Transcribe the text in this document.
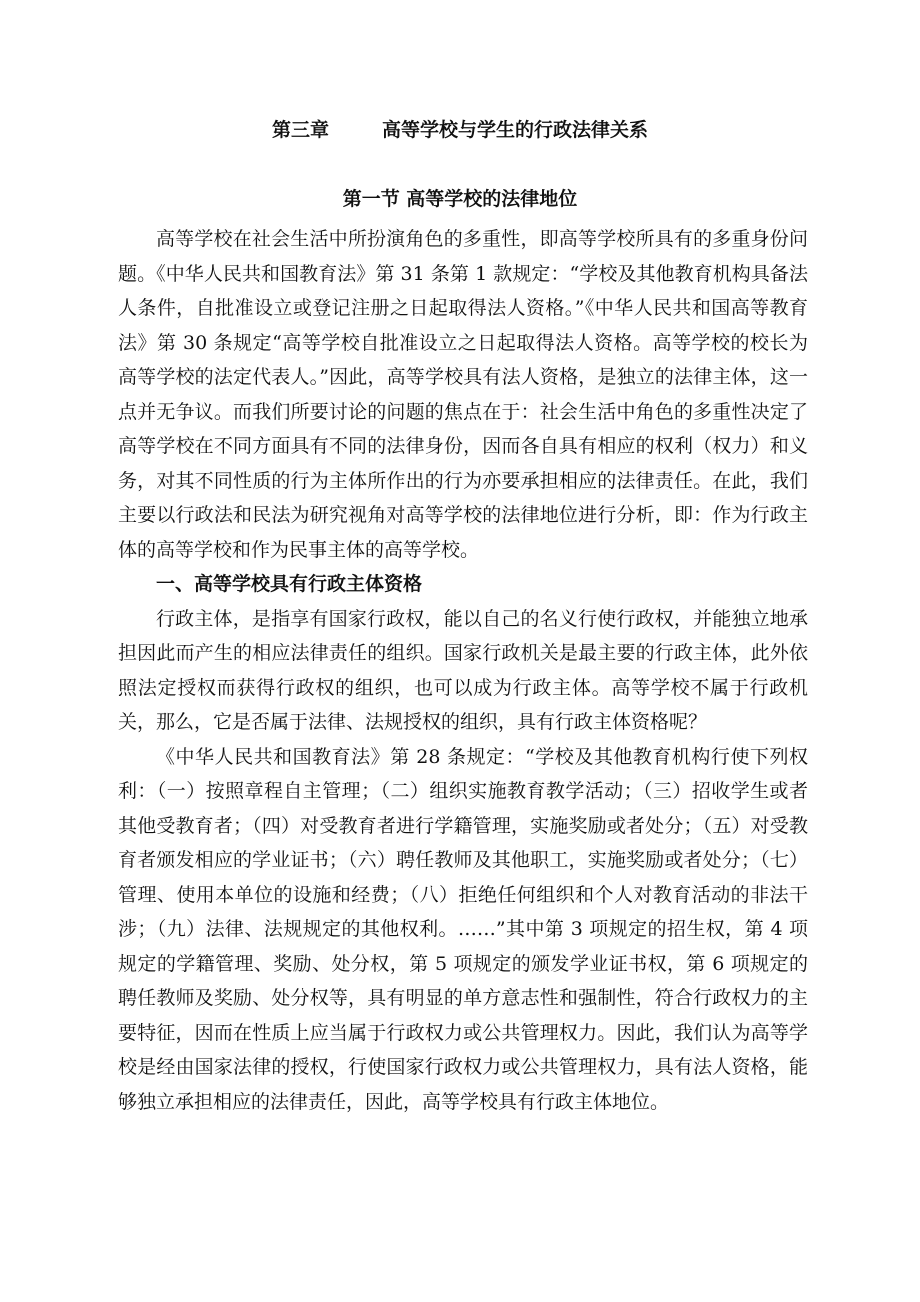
第三章        高等学校与学生的行政法律关系
第一节 高等学校的法律地位

高等学校在社会生活中所扮演角色的多重性，即高等学校所具有的多重身份问题。《中华人民共和国教育法》第 31 条第 1 款规定：“学校及其他教育机构具备法人条件，自批准设立或登记注册之日起取得法人资格。”《中华人民共和国高等教育法》第 30 条规定“高等学校自批准设立之日起取得法人资格。高等学校的校长为高等学校的法定代表人。”因此，高等学校具有法人资格，是独立的法律主体，这一点并无争议。而我们所要讨论的问题的焦点在于：社会生活中角色的多重性决定了高等学校在不同方面具有不同的法律身份，因而各自具有相应的权利（权力）和义务，对其不同性质的行为主体所作出的行为亦要承担相应的法律责任。在此，我们主要以行政法和民法为研究视角对高等学校的法律地位进行分析，即：作为行政主体的高等学校和作为民事主体的高等学校。

一、高等学校具有行政主体资格

行政主体，是指享有国家行政权，能以自己的名义行使行政权，并能独立地承担因此而产生的相应法律责任的组织。国家行政机关是最主要的行政主体，此外依照法定授权而获得行政权的组织，也可以成为行政主体。高等学校不属于行政机关，那么，它是否属于法律、法规授权的组织，具有行政主体资格呢？

《中华人民共和国教育法》第 28 条规定：“学校及其他教育机构行使下列权利：（一）按照章程自主管理；（二）组织实施教育教学活动；（三）招收学生或者其他受教育者；（四）对受教育者进行学籍管理，实施奖励或者处分；（五）对受教育者颁发相应的学业证书；（六）聘任教师及其他职工，实施奖励或者处分；（七）管理、使用本单位的设施和经费；（八）拒绝任何组织和个人对教育活动的非法干涉；（九）法律、法规规定的其他权利。……”其中第 3 项规定的招生权，第 4 项规定的学籍管理、奖励、处分权，第 5 项规定的颁发学业证书权，第 6 项规定的聘任教师及奖励、处分权等，具有明显的单方意志性和强制性，符合行政权力的主要特征，因而在性质上应当属于行政权力或公共管理权力。因此，我们认为高等学校是经由国家法律的授权，行使国家行政权力或公共管理权力，具有法人资格，能够独立承担相应的法律责任，因此，高等学校具有行政主体地位。
